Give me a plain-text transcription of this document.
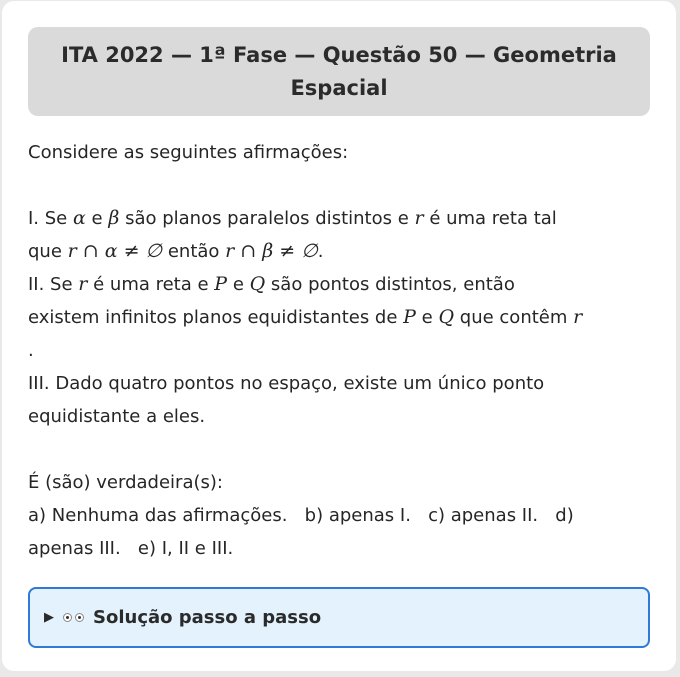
ITA 2022 — 1ª Fase — Questão 50 — Geometria Espacial

Considere as seguintes afirmações:

I. Se α e β são planos paralelos distintos e r é uma reta tal

que r ∩ α ≠ ∅ então r ∩ β ≠ ∅.

II. Se r é uma reta e P e Q são pontos distintos, então

existem infinitos planos equidistantes de P e Q que contêm r

.

III. Dado quatro pontos no espaço, existe um único ponto

equidistante a eles.

É (são) verdadeira(s):

a) Nenhuma das afirmações.   b) apenas I.   c) apenas II.   d)

apenas III.   e) I, II e III.

▶ Solução passo a passo
